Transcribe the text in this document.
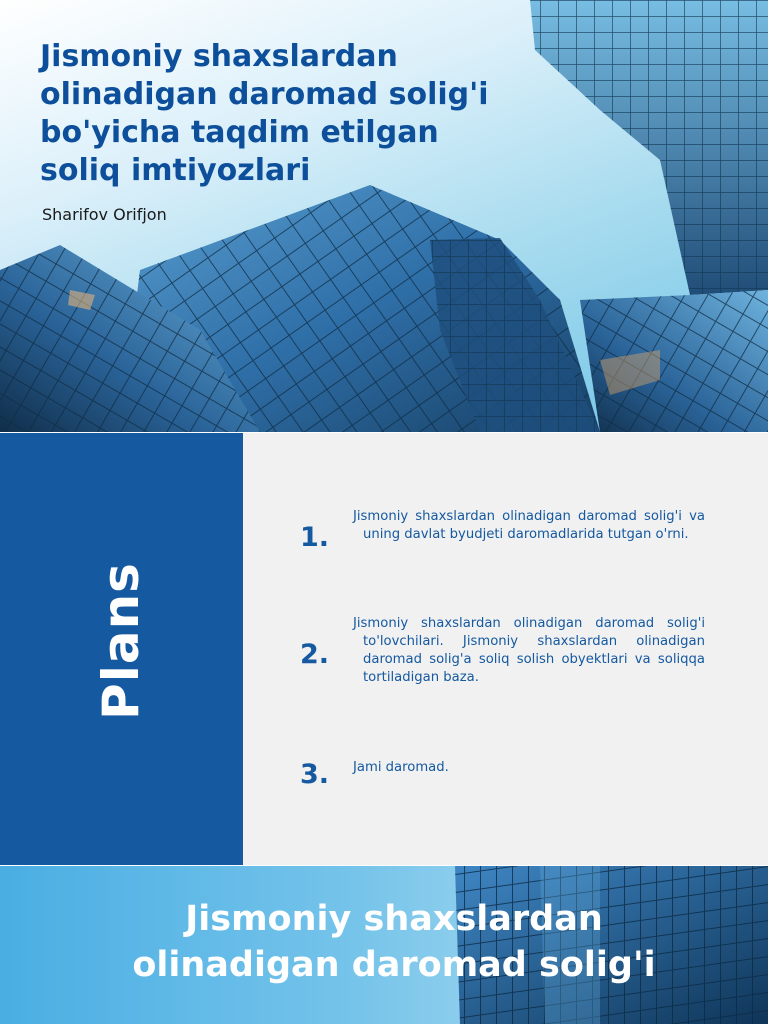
Jismoniy shaxslardan
olinadigan daromad solig'i
bo'yicha taqdim etilgan
soliq imtiyozlari

Sharifov Orifjon

Plans
1.

Jismoniy shaxslardan olinadigan daromad solig'i va uning davlat byudjeti daromadlarida tutgan o'rni.

2.

Jismoniy shaxslardan olinadigan daromad solig'i to'lovchilari. Jismoniy shaxslardan olinadigan daromad solig'a soliq solish obyektlari va soliqqa tortiladigan baza.

3. Jami daromad.

Jismoniy shaxslardan
olinadigan daromad solig'i
